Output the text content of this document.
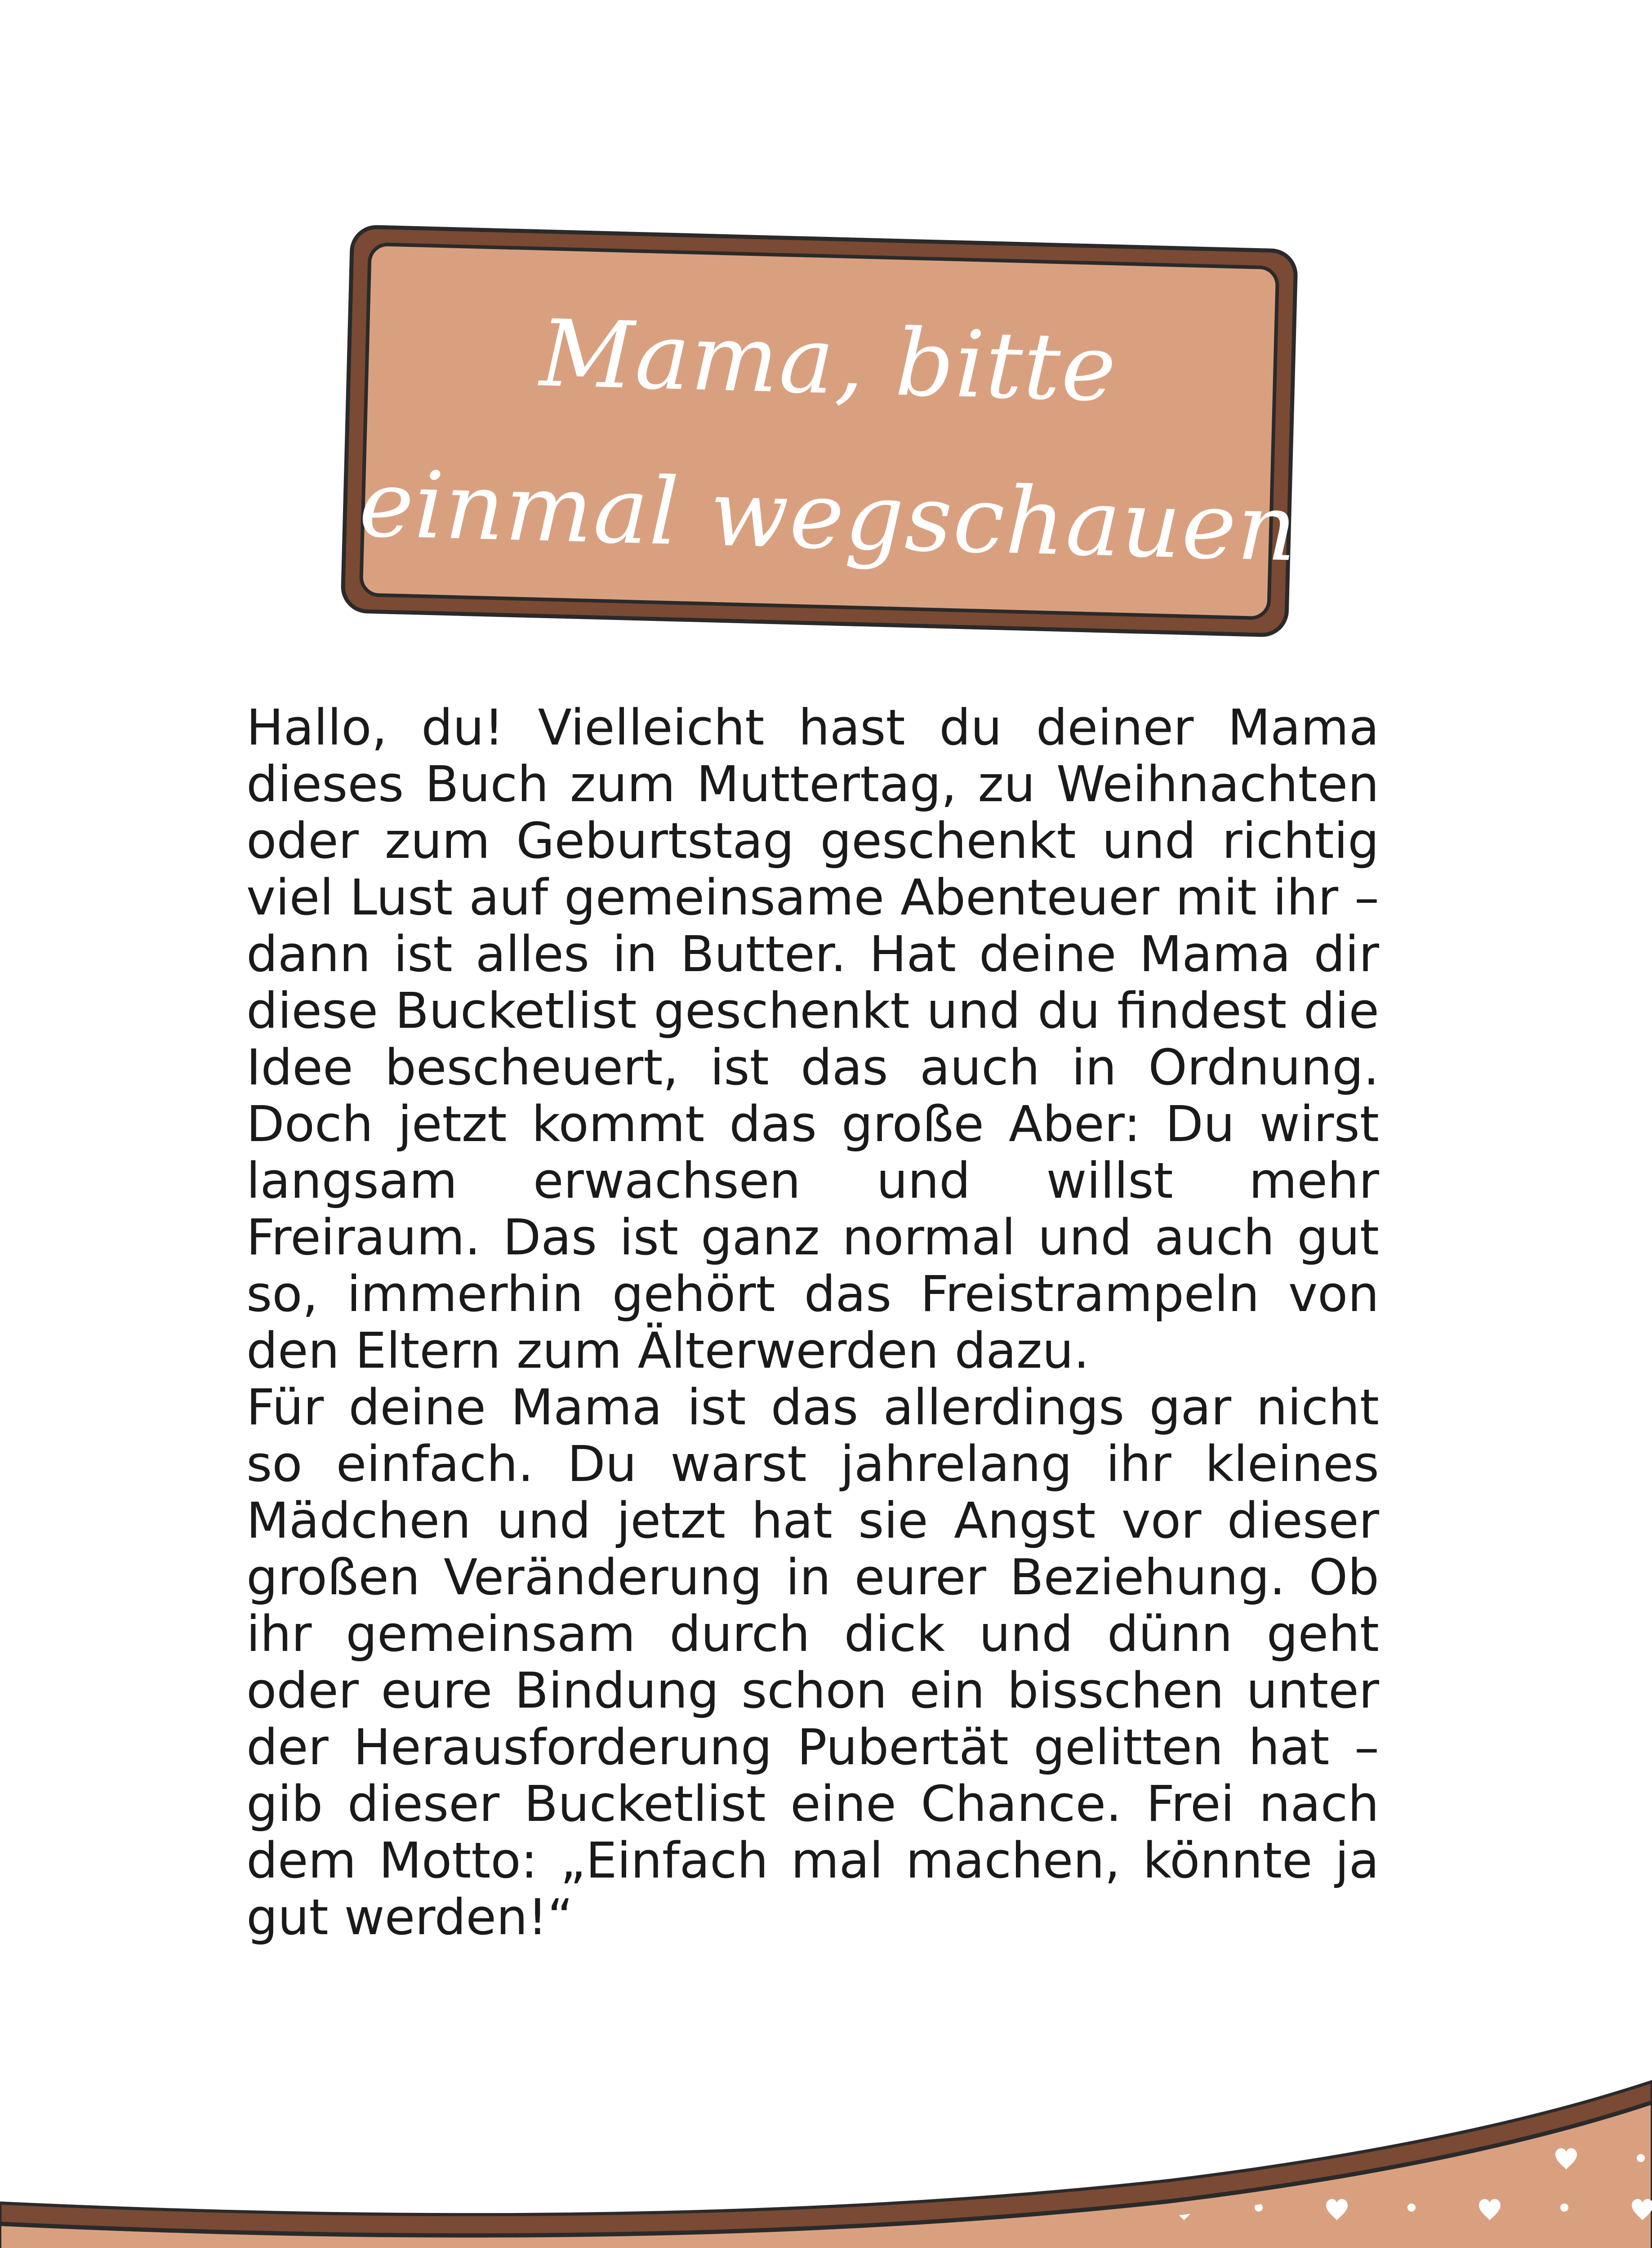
Mama, bitte
einmal wegschauen

Hallo, du! Vielleicht hast du deiner Mama dieses Buch zum Muttertag, zu Weihnachten oder zum Geburtstag geschenkt und richtig viel Lust auf gemeinsame Abenteuer mit ihr – dann ist alles in Butter. Hat deine Mama dir diese Bucketlist geschenkt und du findest die Idee bescheuert, ist das auch in Ordnung. Doch jetzt kommt das große Aber: Du wirst langsam erwachsen und willst mehr Freiraum. Das ist ganz normal und auch gut so, immerhin gehört das Freistrampeln von den Eltern zum Älterwerden dazu.

Für deine Mama ist das allerdings gar nicht so einfach. Du warst jahrelang ihr kleines Mädchen und jetzt hat sie Angst vor dieser großen Veränderung in eurer Beziehung. Ob ihr gemeinsam durch dick und dünn geht oder eure Bindung schon ein bisschen unter der Herausforderung Pubertät gelitten hat – gib dieser Bucketlist eine Chance. Frei nach dem Motto: „Einfach mal machen, könnte ja gut werden!“
